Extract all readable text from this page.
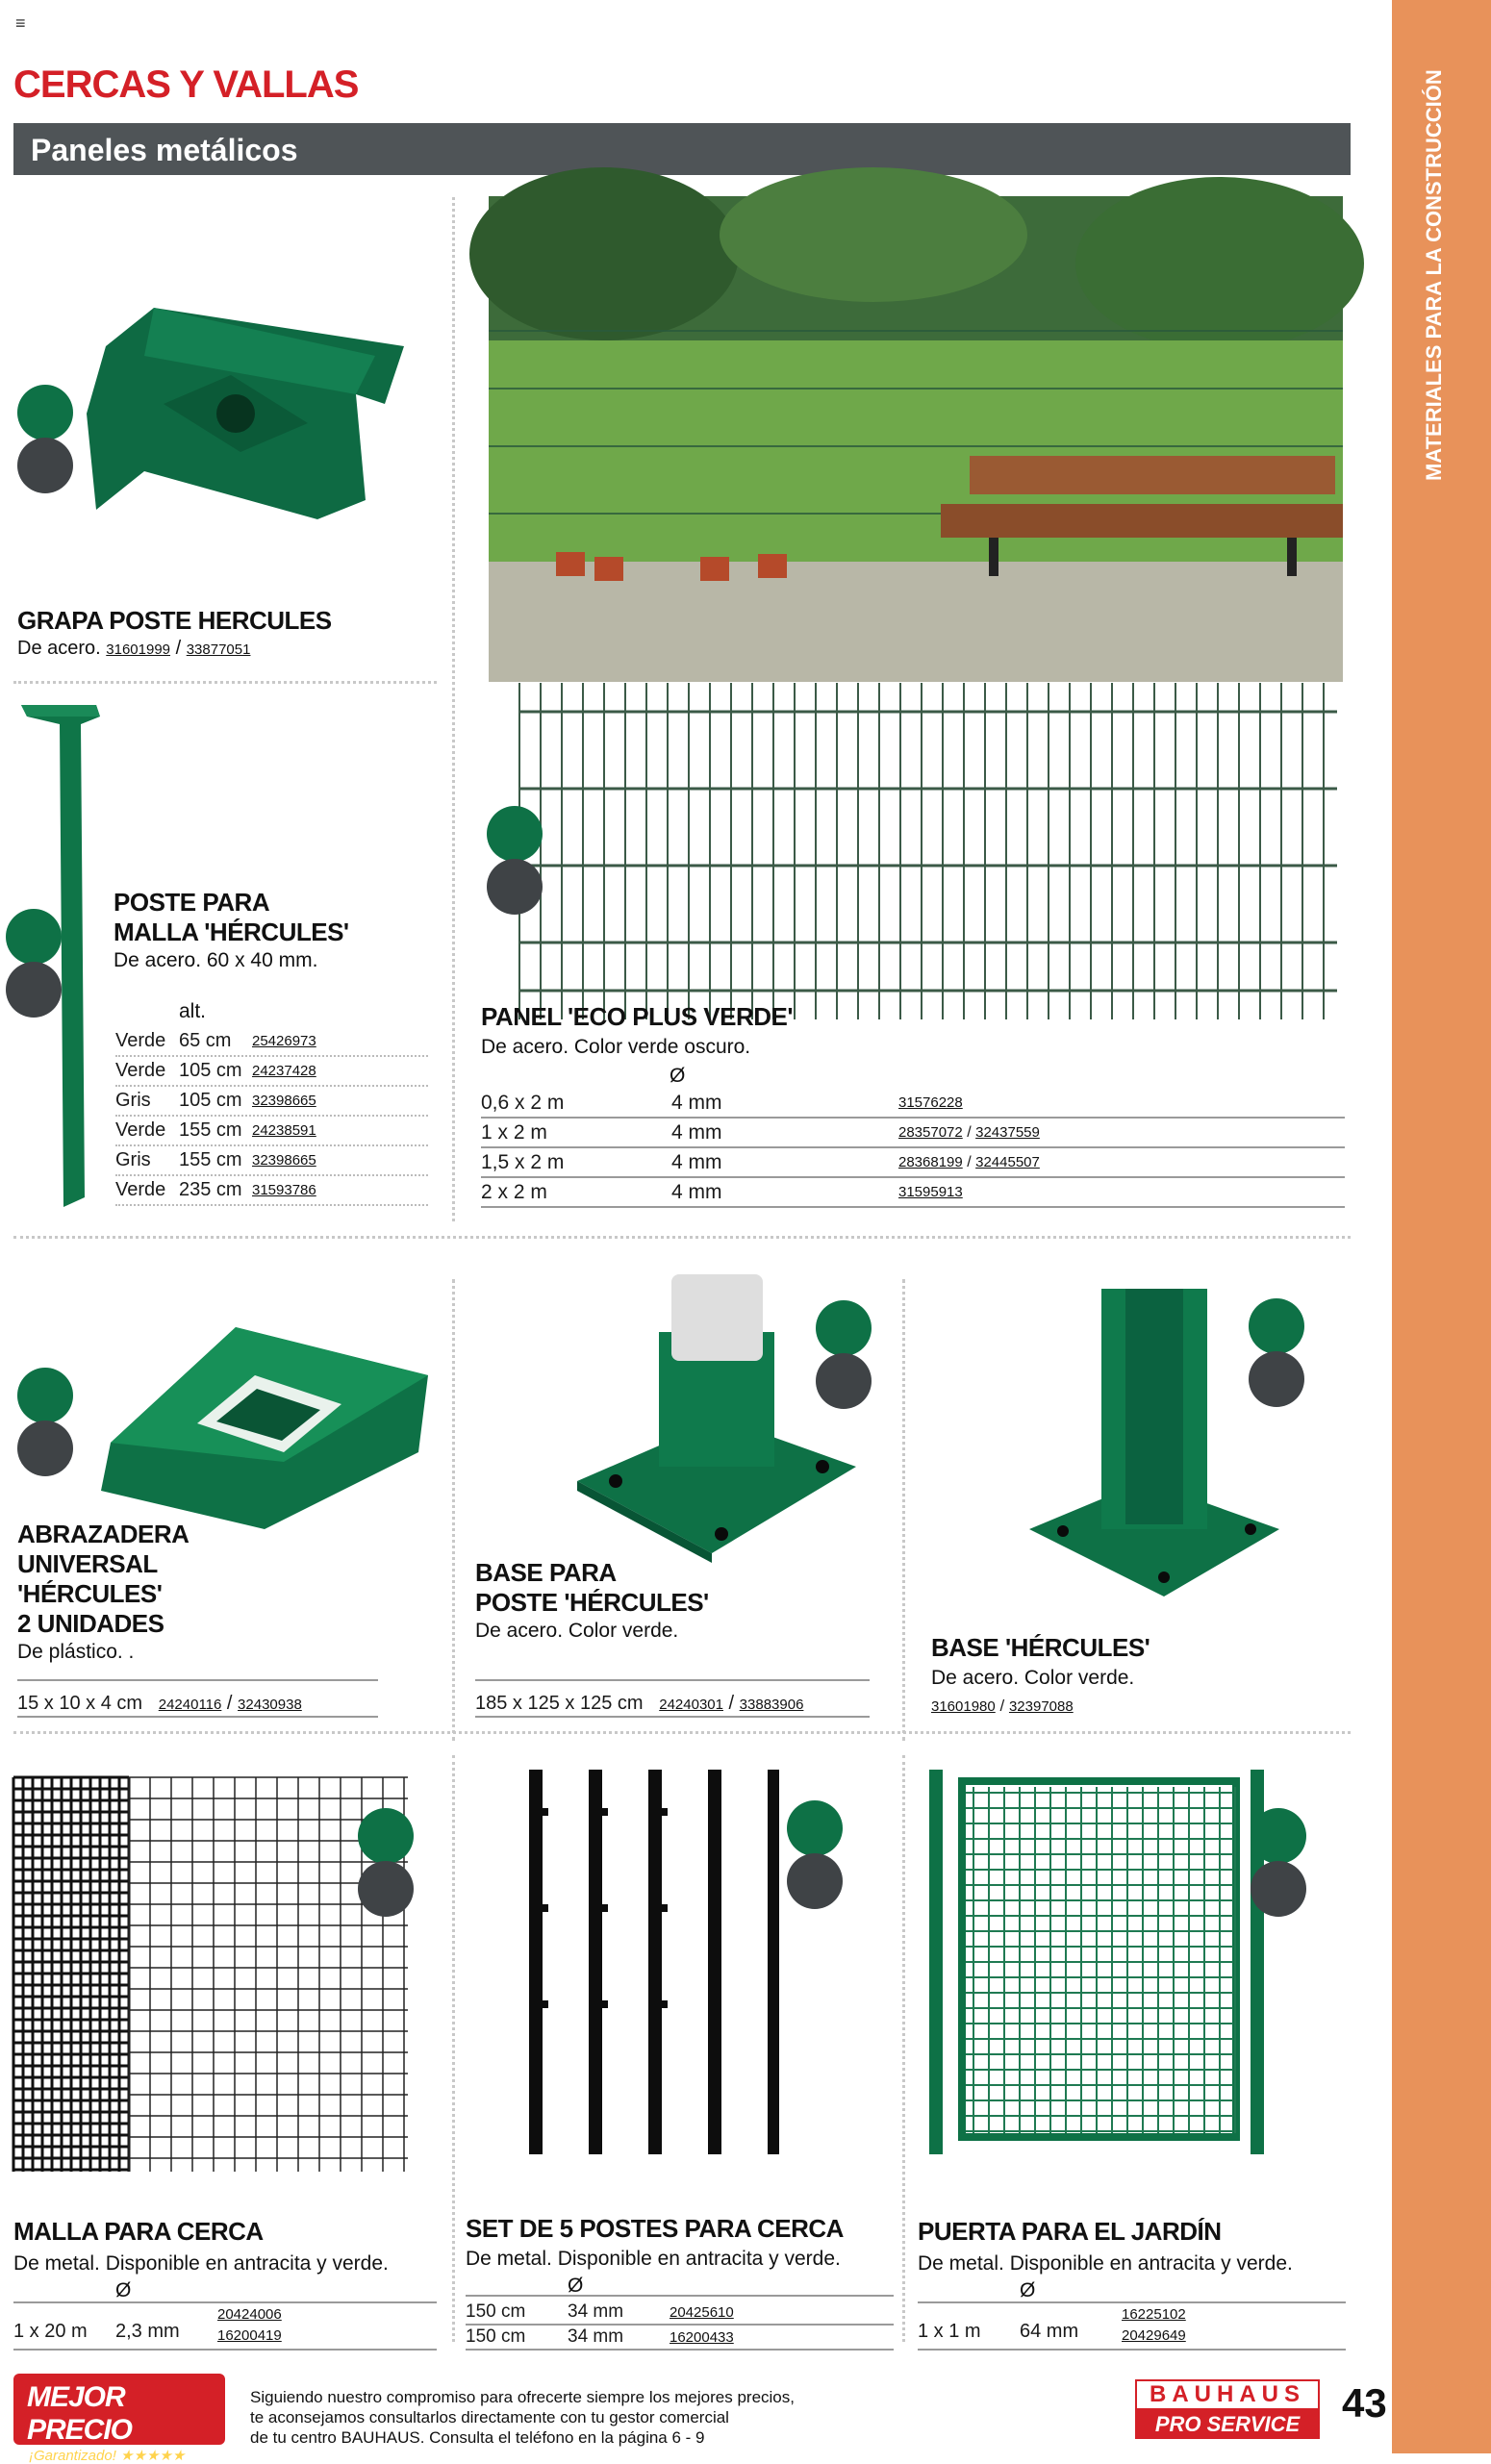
≡
MATERIALES PARA LA CONSTRUCCIÓN
CERCAS Y VALLAS
Paneles metálicos
GRAPA POSTE HERCULES
De acero. 31601999 / 33877051
POSTE PARA
MALLA 'HÉRCULES'
De acero. 60 x 40 mm.
alt.
Verde 65 cm	25426973
Verde 105 cm 24237428
Gris	105 cm 32398665
Verde 155 cm 24238591
Gris	155 cm 32398665
Verde 235 cm 31593786
PANEL 'ECO PLUS VERDE'
De acero. Color verde oscuro.
Ø
0,6 x 2 m	4 mm	31576228
1 x 2 m	4 mm	28357072 / 32437559
1,5 x 2 m	4 mm	28368199 / 32445507
2 x 2 m	4 mm	31595913
ABRAZADERA
UNIVERSAL
'HÉRCULES'
2 UNIDADES
De plástico. .
15 x 10 x 4 cm 24240116 / 32430938
BASE PARA
POSTE 'HÉRCULES'
De acero. Color verde.
185 x 125 x 125 cm 24240301 / 33883906
BASE 'HÉRCULES'
De acero. Color verde.
31601980 / 32397088
MALLA PARA CERCA
De metal. Disponible en antracita y verde.
Ø
1 x 20 m 2,3 mm
20424006
16200419
SET DE 5 POSTES PARA CERCA
De metal. Disponible en antracita y verde.
Ø
150 cm	34 mm	20425610
150 cm	34 mm	16200433
PUERTA PARA EL JARDÍN
De metal. Disponible en antracita y verde.
Ø
1 x 1 m 64 mm
16225102
20429649
MEJOR PRECIO
¡Garantizado! ★★★★★
Siguiendo nuestro compromiso para ofrecerte siempre los mejores precios,
te aconsejamos consultarlos directamente con tu gestor comercial
de tu centro BAUHAUS. Consulta el teléfono en la página 6 - 9
BAUHAUS
PRO SERVICE	43
